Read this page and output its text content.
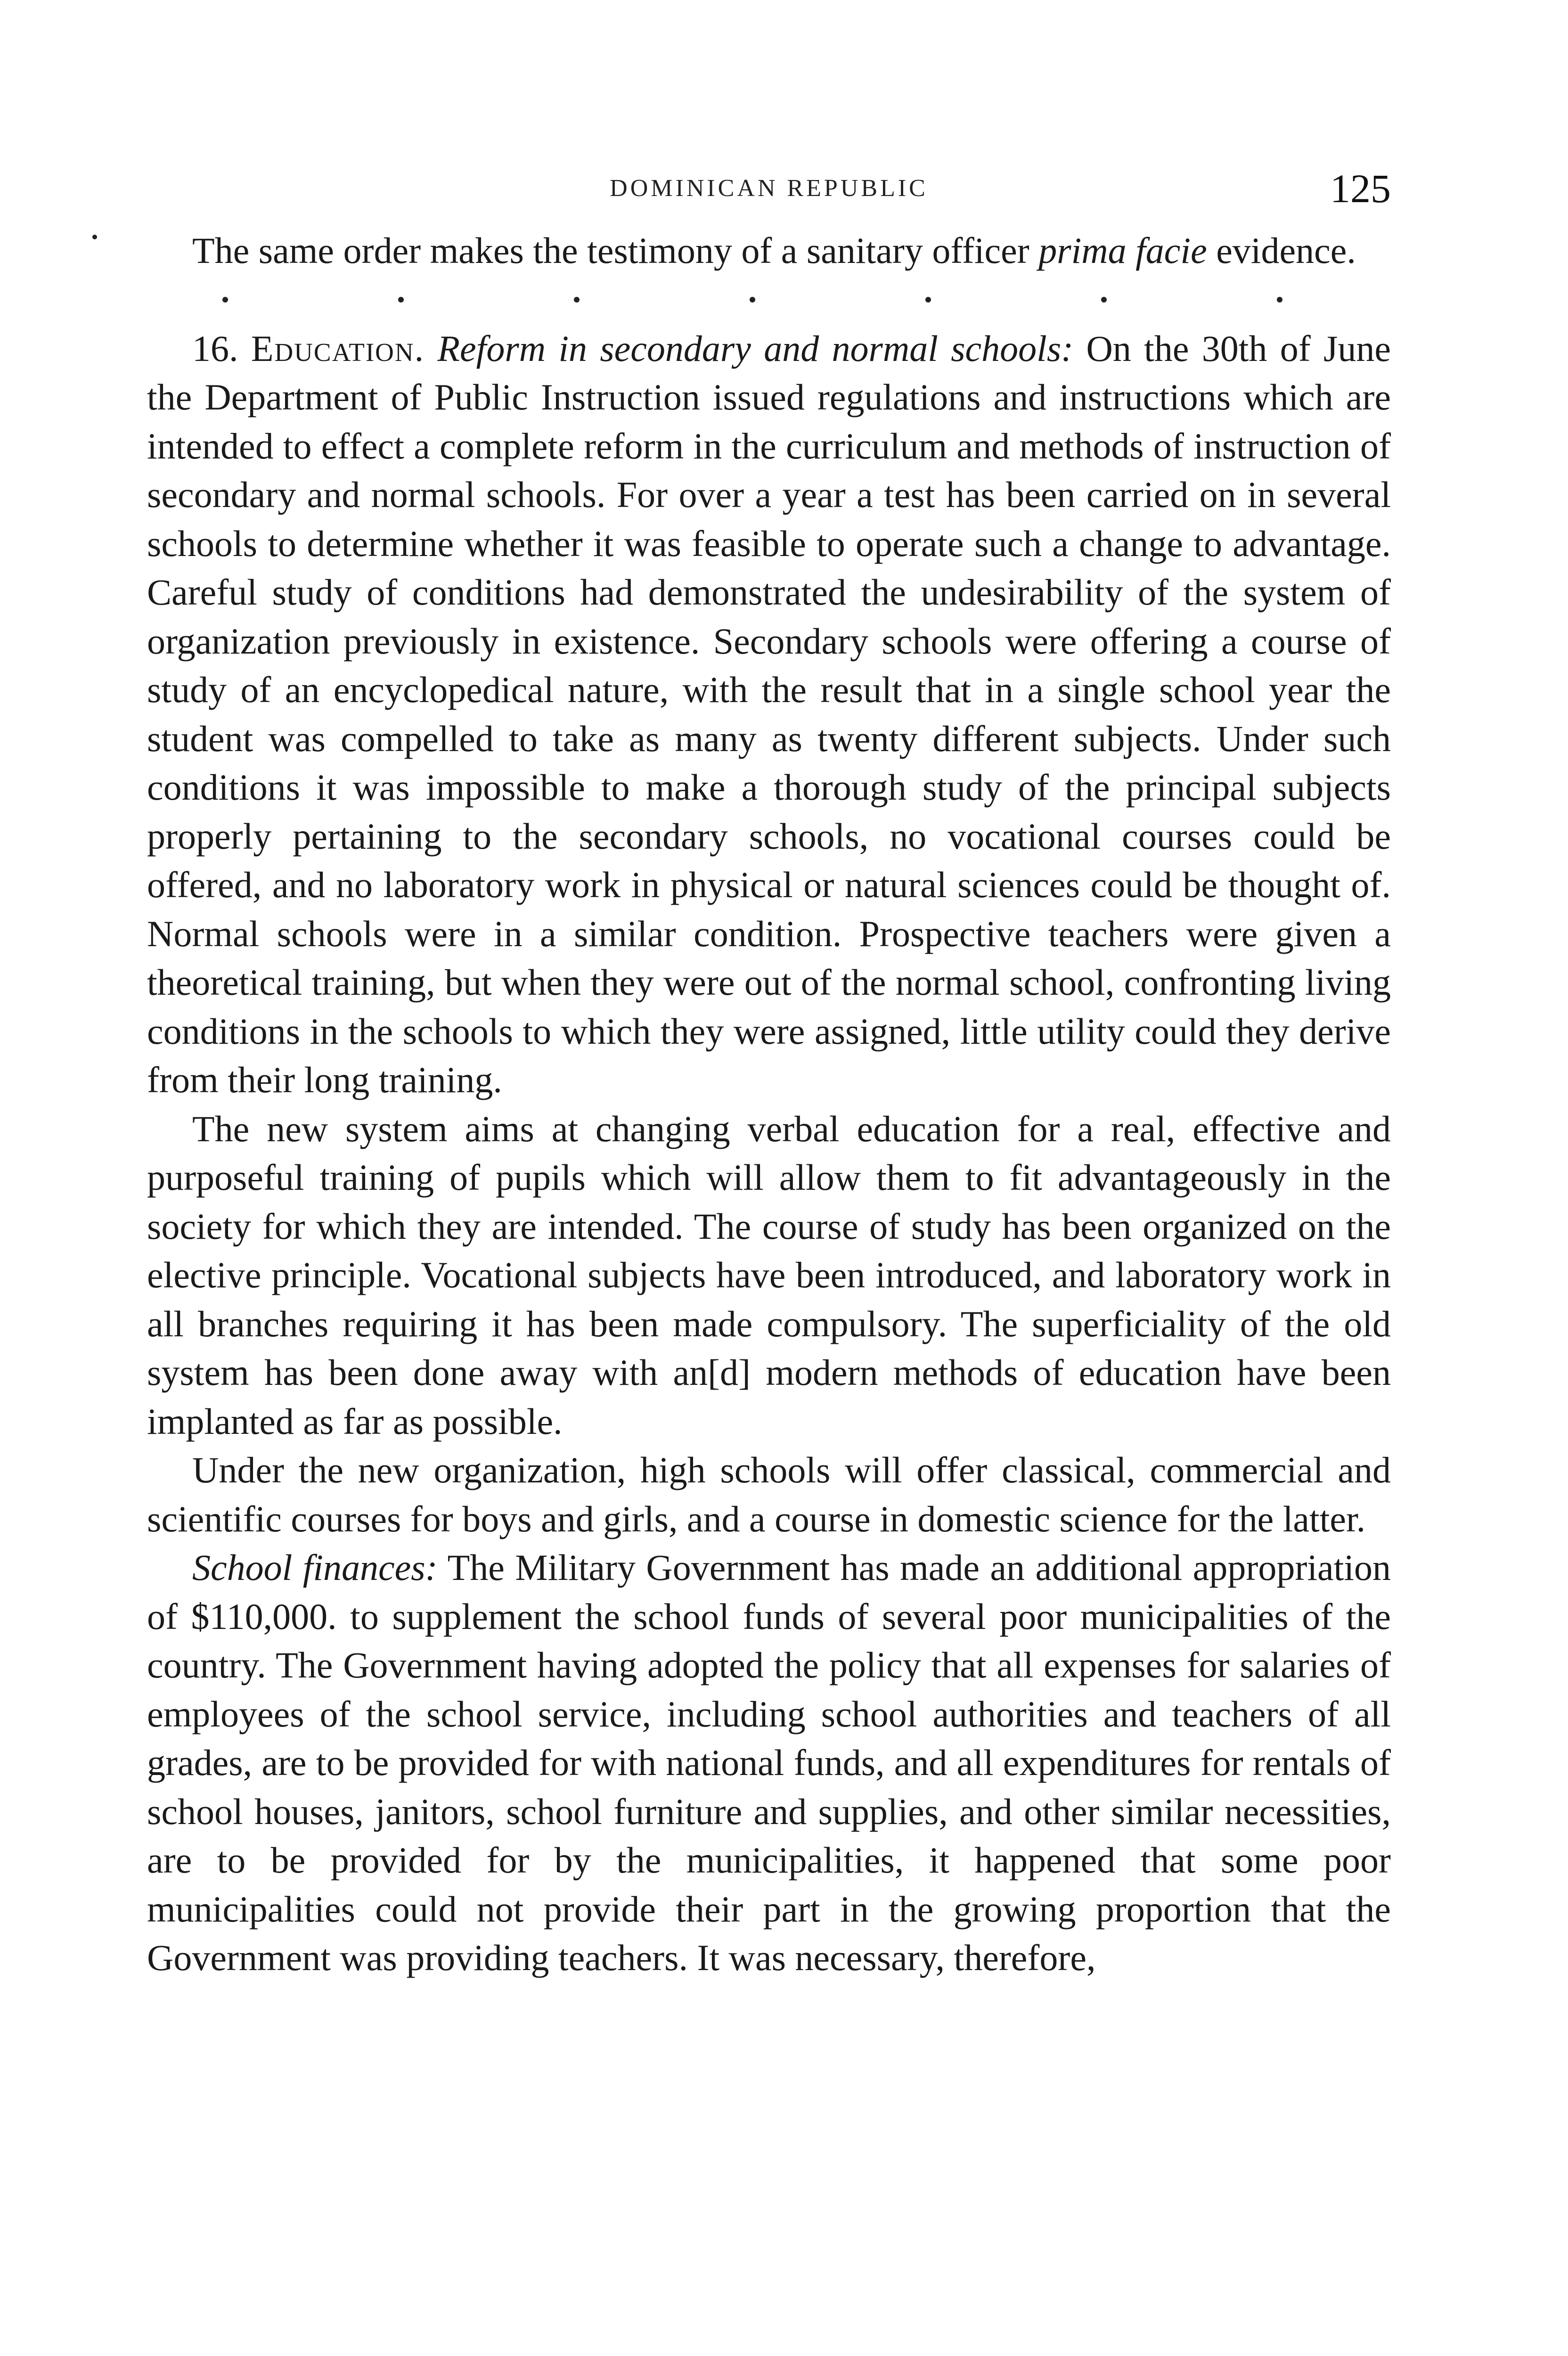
DOMINICAN REPUBLIC	125

The same order makes the testimony of a sanitary officer prima facie evidence.

16. Education. Reform in secondary and normal schools: On the 30th of June the Department of Public Instruction issued regulations and instructions which are intended to effect a complete reform in the curriculum and methods of instruction of secondary and normal schools. For over a year a test has been carried on in several schools to determine whether it was feasible to operate such a change to advantage. Careful study of conditions had demonstrated the undesirability of the system of organization previously in existence. Secondary schools were offering a course of study of an encyclopedical nature, with the result that in a single school year the student was compelled to take as many as twenty different subjects. Under such conditions it was impossible to make a thorough study of the principal subjects properly pertaining to the secondary schools, no vocational courses could be offered, and no laboratory work in physical or natural sciences could be thought of. Normal schools were in a similar condition. Prospective teachers were given a theoretical training, but when they were out of the normal school, confronting living conditions in the schools to which they were assigned, little utility could they derive from their long training.

The new system aims at changing verbal education for a real, effective and purposeful training of pupils which will allow them to fit advantageously in the society for which they are intended. The course of study has been organized on the elective principle. Vocational subjects have been introduced, and laboratory work in all branches requiring it has been made compulsory. The superficiality of the old system has been done away with an[d] modern methods of education have been implanted as far as possible.

Under the new organization, high schools will offer classical, commercial and scientific courses for boys and girls, and a course in domestic science for the latter.

School finances: The Military Government has made an additional appropriation of $110,000. to supplement the school funds of several poor municipalities of the country. The Government having adopted the policy that all expenses for salaries of employees of the school service, including school authorities and teachers of all grades, are to be provided for with national funds, and all expenditures for rentals of school houses, janitors, school furniture and supplies, and other similar necessities, are to be provided for by the municipalities, it happened that some poor municipalities could not provide their part in the growing proportion that the Government was providing teachers. It was necessary, therefore,
